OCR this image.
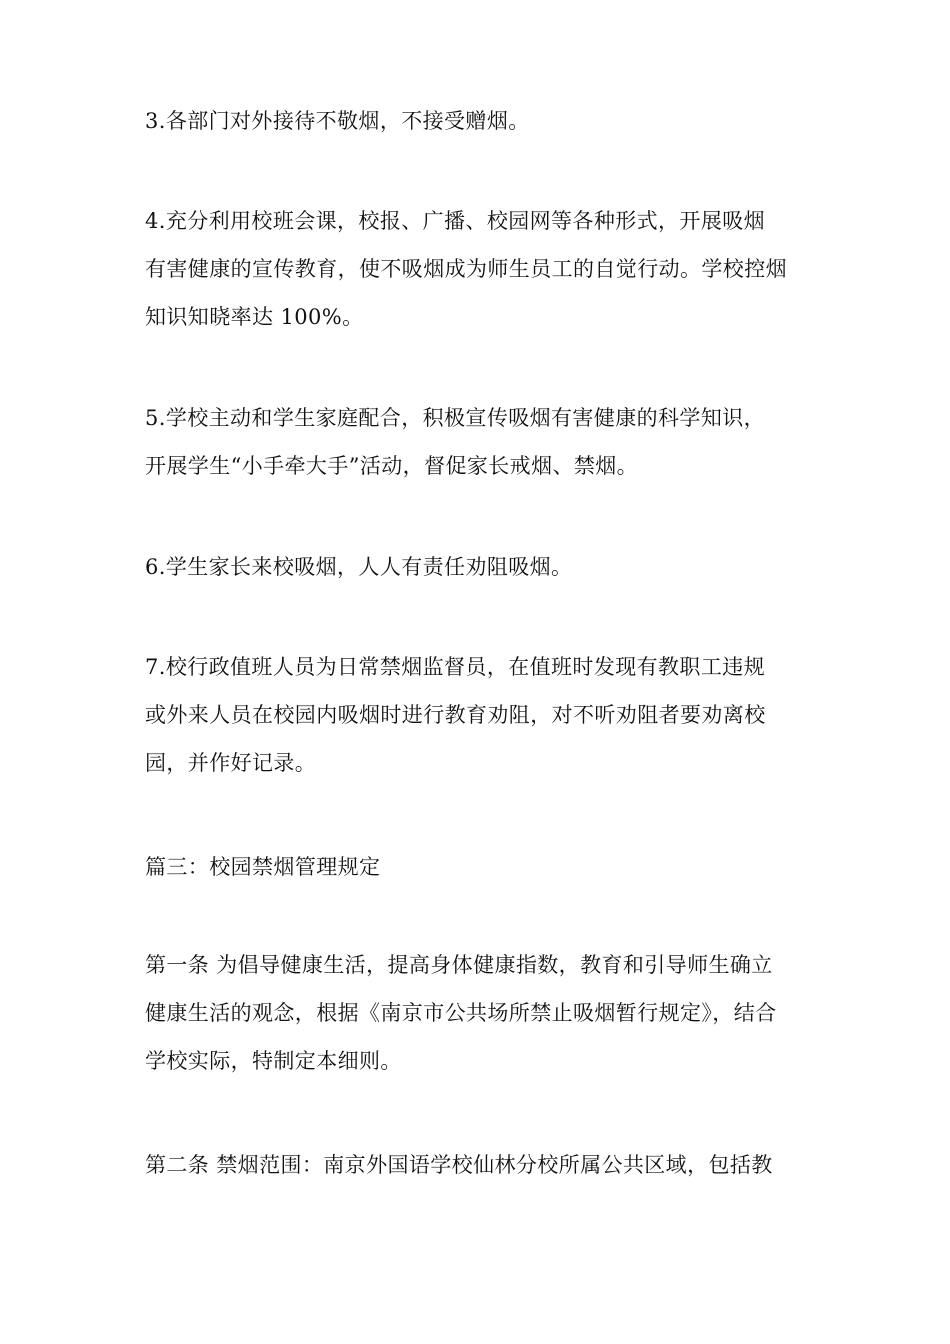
3.各部门对外接待不敬烟，不接受赠烟。

4.充分利用校班会课，校报、广播、校园网等各种形式，开展吸烟
有害健康的宣传教育，使不吸烟成为师生员工的自觉行动。学校控烟
知识知晓率达 100%。

5.学校主动和学生家庭配合，积极宣传吸烟有害健康的科学知识，
开展学生“小手牵大手”活动，督促家长戒烟、禁烟。

6.学生家长来校吸烟，人人有责任劝阻吸烟。

7.校行政值班人员为日常禁烟监督员，在值班时发现有教职工违规
或外来人员在校园内吸烟时进行教育劝阻，对不听劝阻者要劝离校
园，并作好记录。

篇三：校园禁烟管理规定

第一条 为倡导健康生活，提高身体健康指数，教育和引导师生确立
健康生活的观念，根据《南京市公共场所禁止吸烟暂行规定》，结合
学校实际，特制定本细则。

第二条 禁烟范围：南京外国语学校仙林分校所属公共区域，包括教
